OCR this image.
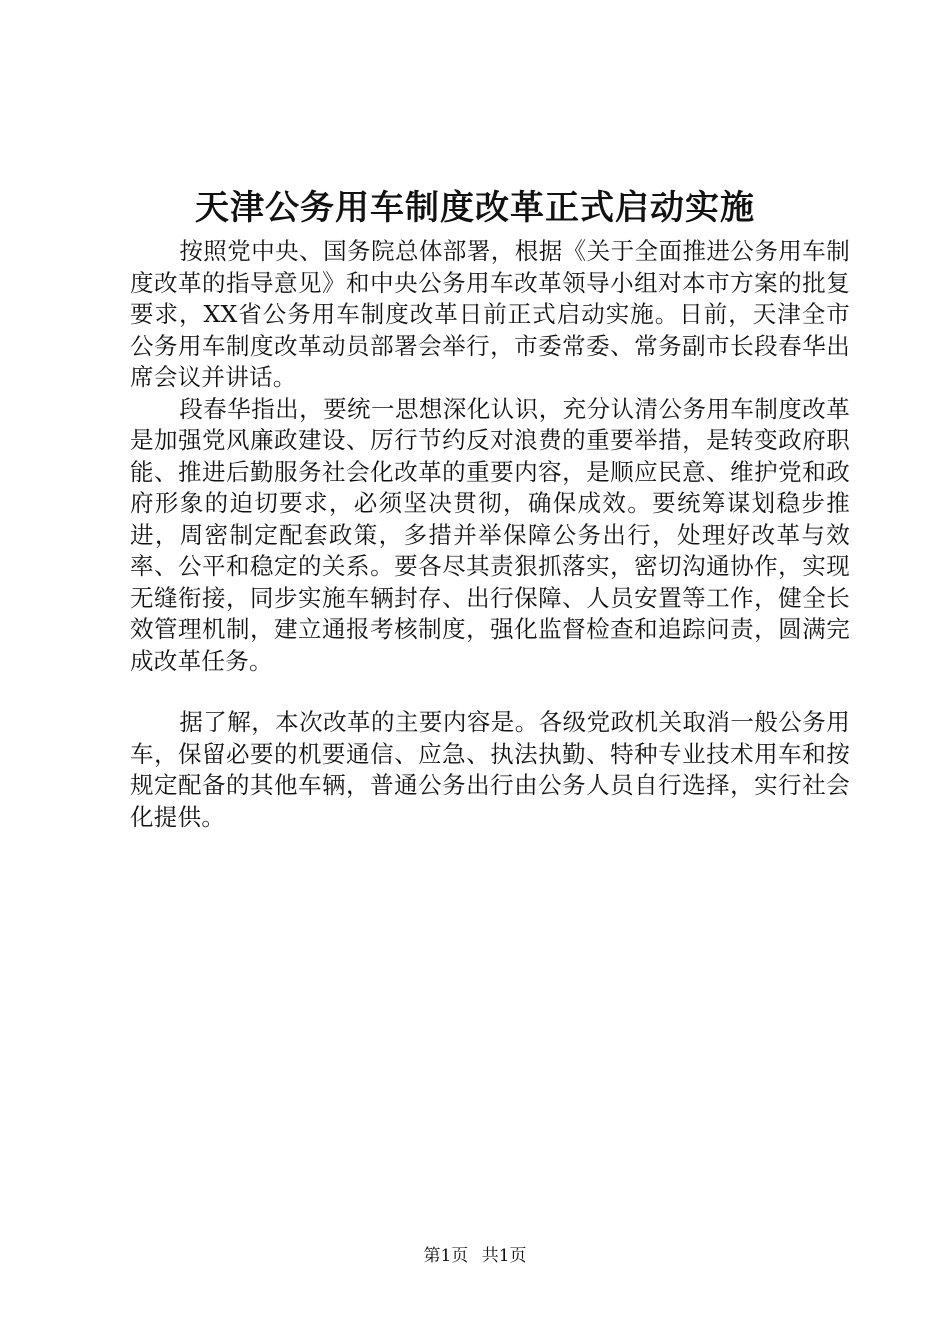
天津公务用车制度改革正式启动实施

按照党中央、国务院总体部署，根据《关于全面推进公务用车制度改革的指导意见》和中央公务用车改革领导小组对本市方案的批复要求，XX省公务用车制度改革日前正式启动实施。日前，天津全市公务用车制度改革动员部署会举行，市委常委、常务副市长段春华出席会议并讲话。

段春华指出，要统一思想深化认识，充分认清公务用车制度改革是加强党风廉政建设、厉行节约反对浪费的重要举措，是转变政府职能、推进后勤服务社会化改革的重要内容，是顺应民意、维护党和政府形象的迫切要求，必须坚决贯彻，确保成效。要统筹谋划稳步推进，周密制定配套政策，多措并举保障公务出行，处理好改革与效率、公平和稳定的关系。要各尽其责狠抓落实，密切沟通协作，实现无缝衔接，同步实施车辆封存、出行保障、人员安置等工作，健全长效管理机制，建立通报考核制度，强化监督检查和追踪问责，圆满完成改革任务。

据了解，本次改革的主要内容是。各级党政机关取消一般公务用车，保留必要的机要通信、应急、执法执勤、特种专业技术用车和按规定配备的其他车辆，普通公务出行由公务人员自行选择，实行社会化提供。

第1页 共1页
